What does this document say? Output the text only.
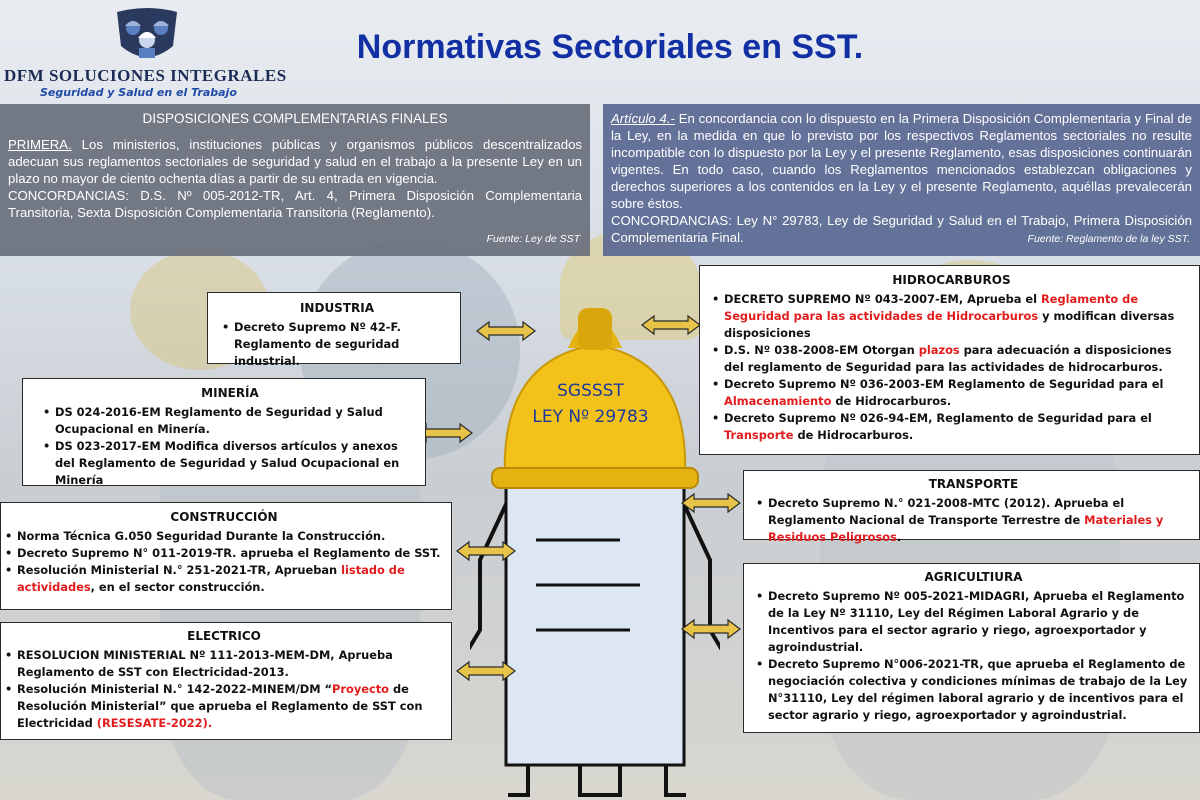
DFM SOLUCIONES INTEGRALES
Seguridad y Salud en el Trabajo
Normativas Sectoriales en SST.
DISPOSICIONES COMPLEMENTARIAS FINALES
PRIMERA. Los ministerios, instituciones públicas y organismos públicos descentralizados adecuan sus reglamentos sectoriales de seguridad y salud en el trabajo a la presente Ley en un plazo no mayor de ciento ochenta días a partir de su entrada en vigencia.
CONCORDANCIAS: D.S. Nº 005-2012-TR, Art. 4, Primera Disposición Complementaria Transitoria, Sexta Disposición Complementaria Transitoria (Reglamento).
Fuente: Ley de SST
Artículo 4.- En concordancia con lo dispuesto en la Primera Disposición Complementaria y Final de la Ley, en la medida en que lo previsto por los respectivos Reglamentos sectoriales no resulte incompatible con lo dispuesto por la Ley y el presente Reglamento, esas disposiciones continuarán vigentes. En todo caso, cuando los Reglamentos mencionados establezcan obligaciones y derechos superiores a los contenidos en la Ley y el presente Reglamento, aquéllas prevalecerán sobre éstos.
CONCORDANCIAS: Ley N° 29783, Ley de Seguridad y Salud en el Trabajo, Primera Disposición Complementaria Final.	Fuente: Reglamento de la ley SST.
SGSSST
LEY Nº 29783
INDUSTRIA
• Decreto Supremo Nº 42-F.
Reglamento de seguridad industrial.
MINERÍA
• DS 024-2016-EM Reglamento de Seguridad y Salud Ocupacional en Minería.
• DS 023-2017-EM Modifica diversos artículos y anexos del Reglamento de Seguridad y Salud Ocupacional en Minería
CONSTRUCCIÓN
• Norma Técnica G.050 Seguridad Durante la Construcción.
• Decreto Supremo N° 011-2019-TR. aprueba el Reglamento de SST.
• Resolución Ministerial N.° 251-2021-TR, Aprueban listado de actividades, en el sector construcción.
ELECTRICO
• RESOLUCION MINISTERIAL Nº 111-2013-MEM-DM, Aprueba Reglamento de SST con Electricidad-2013.
• Resolución Ministerial N.° 142-2022-MINEM/DM “Proyecto de Resolución Ministerial” que aprueba el Reglamento de SST con Electricidad (RESESATE-2022).
HIDROCARBUROS
• DECRETO SUPREMO Nº 043-2007-EM, Aprueba el Reglamento de Seguridad para las actividades de Hidrocarburos y modifican diversas disposiciones
• D.S. Nº 038-2008-EM Otorgan plazos para adecuación a disposiciones del reglamento de Seguridad para las actividades de hidrocarburos.
• Decreto Supremo Nº 036-2003-EM Reglamento de Seguridad para el Almacenamiento de Hidrocarburos.
• Decreto Supremo Nº 026-94-EM, Reglamento de Seguridad para el Transporte de Hidrocarburos.
TRANSPORTE
• Decreto Supremo N.° 021-2008-MTC (2012). Aprueba el Reglamento Nacional de Transporte Terrestre de Materiales y Residuos Peligrosos.
AGRICULTIURA
• Decreto Supremo Nº 005-2021-MIDAGRI, Aprueba el Reglamento de la Ley Nº 31110, Ley del Régimen Laboral Agrario y de Incentivos para el sector agrario y riego, agroexportador y agroindustrial.
• Decreto Supremo N°006-2021-TR, que aprueba el Reglamento de negociación colectiva y condiciones mínimas de trabajo de la Ley N°31110, Ley del régimen laboral agrario y de incentivos para el sector agrario y riego, agroexportador y agroindustrial.
